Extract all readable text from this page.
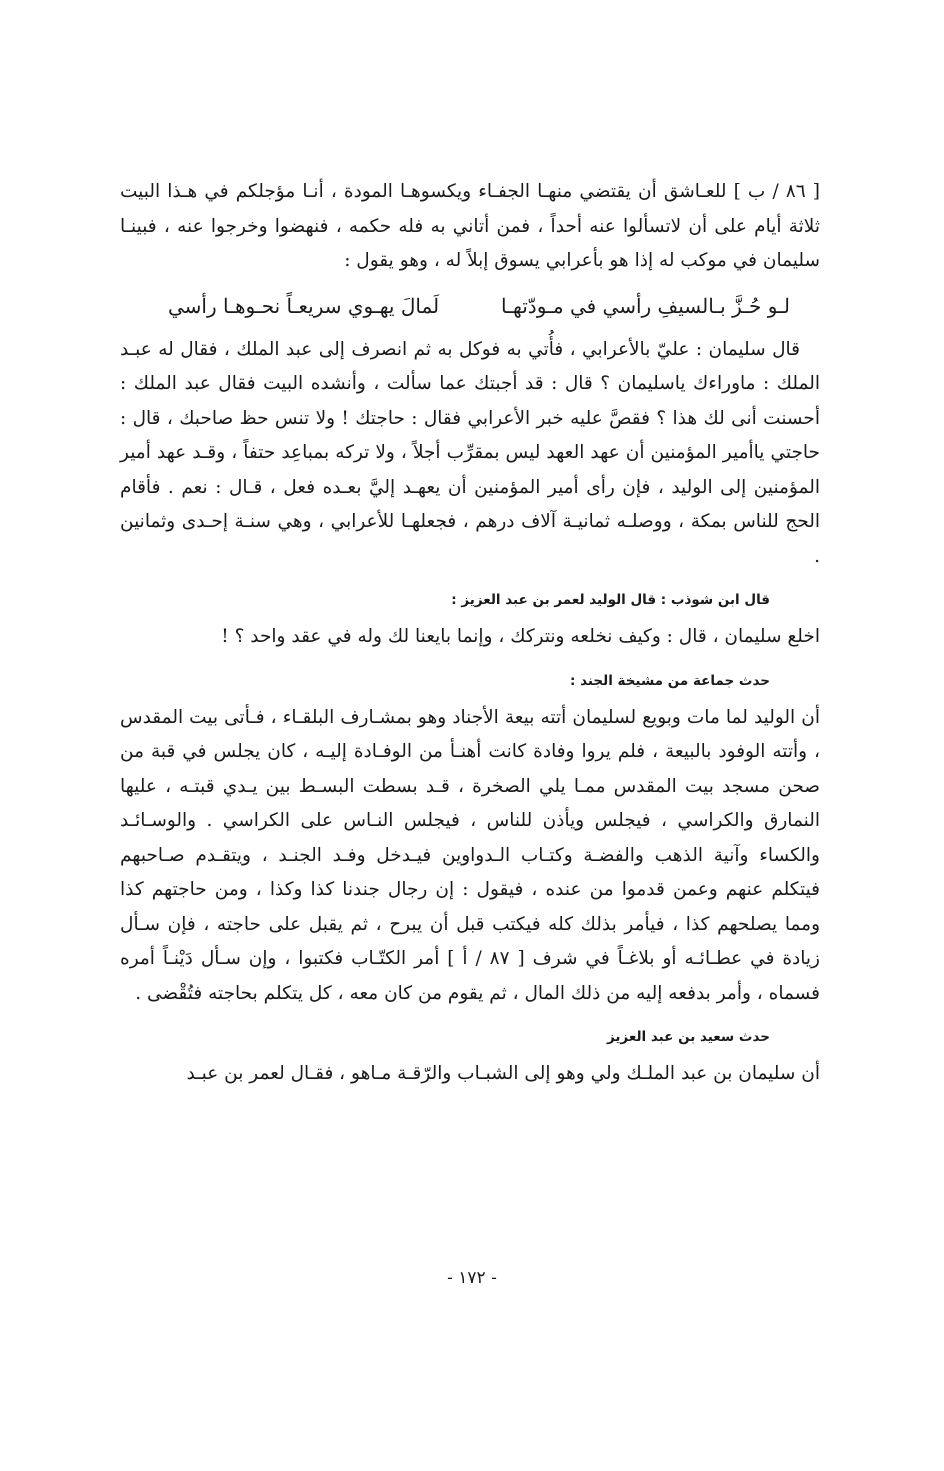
[ ٨٦ / ب ] للعـاشق أن يقتضي منهـا الجفـاء ويكسوهـا المودة ، أنـا مؤجلكم في هـذا البيت ثلاثة أيام على أن لاتسألوا عنه أحداً ، فمن أتاني به فله حكمه ، فنهضوا وخرجوا عنه ، فبينـا سليمان في موكب له إذا هو بأعرابي يسوق إبلاً له ، وهو يقول :

لـو حُـزَّ بـالسيفِ رأسي في مـودّتهـا
لَمالَ يهـوي سريعـاً نحـوهـا رأسي

قال سليمان : عليّ بالأعرابي ، فأُتي به فوكل به ثم انصرف إلى عبد الملك ، فقال له عبـد الملك : ماوراءك ياسليمان ؟ قال : قد أجبتك عما سألت ، وأنشده البيت فقال عبد الملك : أحسنت أنى لك هذا ؟ فقصَّ عليه خبر الأعرابي فقال : حاجتك ! ولا تنس حظ صاحبك ، قال : حاجتي ياأمير المؤمنين أن عهد العهد ليس بمقرِّب أجلاً ، ولا تركه بمباعِد حتفاً ، وقـد عهد أمير المؤمنين إلى الوليد ، فإن رأى أمير المؤمنين أن يعهـد إليَّ بعـده فعل ، قـال : نعم . فأقام الحج للناس بمكة ، ووصلـه ثمانيـة آلاف درهم ، فجعلهـا للأعرابي ، وهي سنـة إحـدى وثمانين .

قال ابن شوذب : قال الوليد لعمر بن عبد العزيز :

اخلع سليمان ، قال : وكيف نخلعه ونتركك ، وإنما بايعنا لك وله في عقد واحد ؟ !

حدث جماعة من مشيخة الجند :

أن الوليد لما مات وبويع لسليمان أتته بيعة الأجناد وهو بمشـارف البلقـاء ، فـأتى بيت المقدس ، وأتته الوفود بالبيعة ، فلم يروا وفادة كانت أهنـأ من الوفـادة إليـه ، كان يجلس في قبة من صحن مسجد بيت المقدس ممـا يلي الصخرة ، قـد بسطت البسـط بين يـدي قبتـه ، عليها النمارق والكراسي ، فيجلس ويأذن للناس ، فيجلس النـاس على الكراسي . والوسـائـد والكساء وآنية الذهب والفضـة وكتـاب الـدواوين فيـدخل وفـد الجنـد ، ويتقـدم صـاحبهم فيتكلم عنهم وعمن قدموا من عنده ، فيقول : إن رجال جندنا كذا وكذا ، ومن حاجتهم كذا ومما يصلحهم كذا ، فيأمر بذلك كله فيكتب قبل أن يبرح ، ثم يقبل على حاجته ، فإن سـأل زيادة في عطـائـه أو بلاغـاً في شرف [ ٨٧ / أ ] أمر الكتّـاب فكتبوا ، وإن سـأل دَيْنـاً أمره فسماه ، وأمر بدفعه إليه من ذلك المال ، ثم يقوم من كان معه ، كل يتكلم بحاجته فتُقْضى .

حدث سعيد بن عبد العزيز

أن سليمان بن عبد الملـك ولي وهو إلى الشبـاب والرّقـة مـاهو ، فقـال لعمر بن عبـد

- ١٧٢ -
